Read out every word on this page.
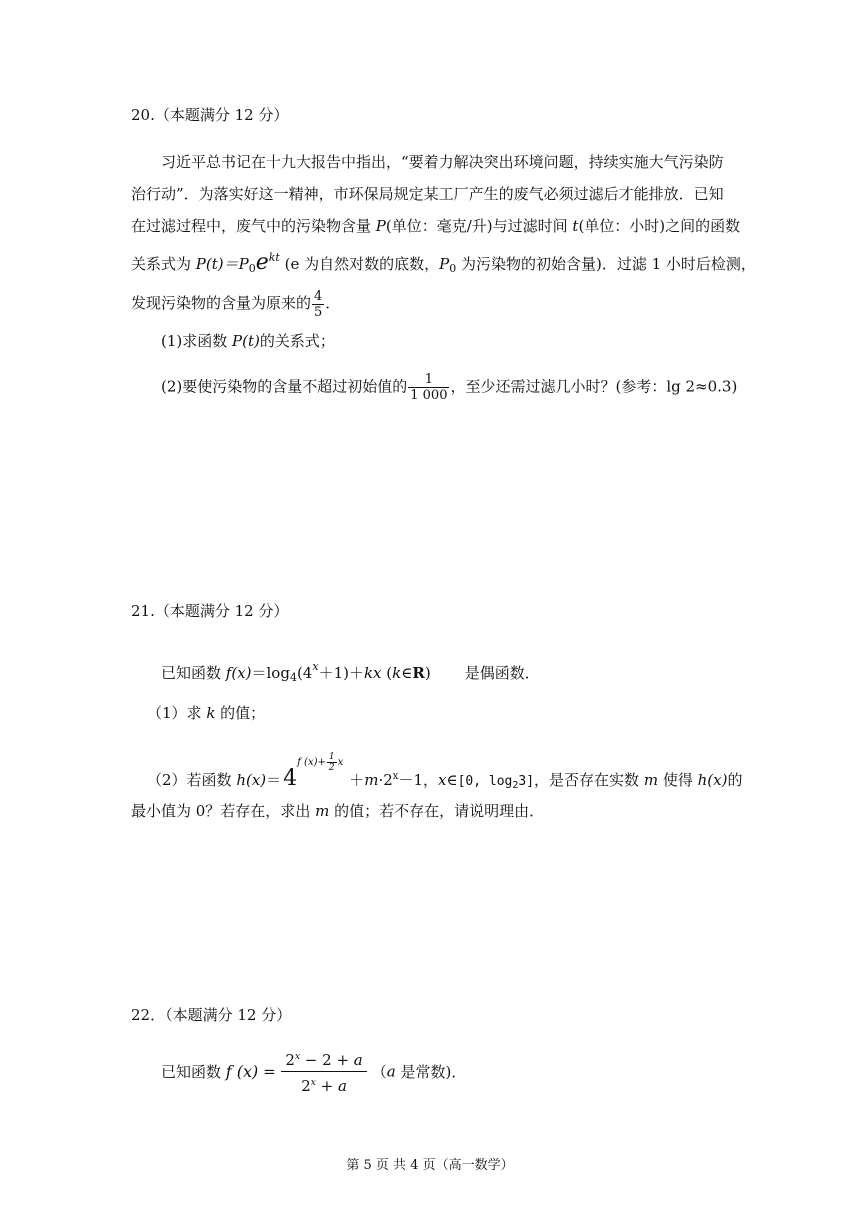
20.（本题满分 12 分）
习近平总书记在十九大报告中指出，“要着力解决突出环境问题，持续实施大气污染防
治行动”．为落实好这一精神，市环保局规定某工厂产生的废气必须过滤后才能排放．已知
在过滤过程中，废气中的污染物含量 P(单位：毫克/升)与过滤时间 t(单位：小时)之间的函数
关系式为 $P(t)=P_0e^{kt}$ (e 为自然对数的底数，$P_0$ 为污染物的初始含量)．过滤 1 小时后检测，
发现污染物的含量为原来的 $\frac{4}{5}$ ．
(1)求函数 P(t)的关系式；
(2)要使污染物的含量不超过初始值的 $\frac{1}{1 000}$ ，至少还需过滤几小时？(参考：lg 2≈0.3)
21.（本题满分 12 分）
已知函数 $f(x)=\log_4(4^x+1)+kx$ (k∈R) 是偶函数．
（1）求 k 的值；
（2）若函数 h(x)＝4f $(x)+ \frac{1}{2} x+m\cdot 2_x-1$，x∈[0, $\log_23$]，是否存在实数 m 使得 h(x)的
最小值为 0？若存在，求出 m 的值；若不存在，请说明理由．
22．（本题满分 12 分）
已知函数 f $(x) = \frac{2^x - 2 + a}{2^x + a} (a$ 是常数)．
第 5 页 共 4 页（高一数学）
